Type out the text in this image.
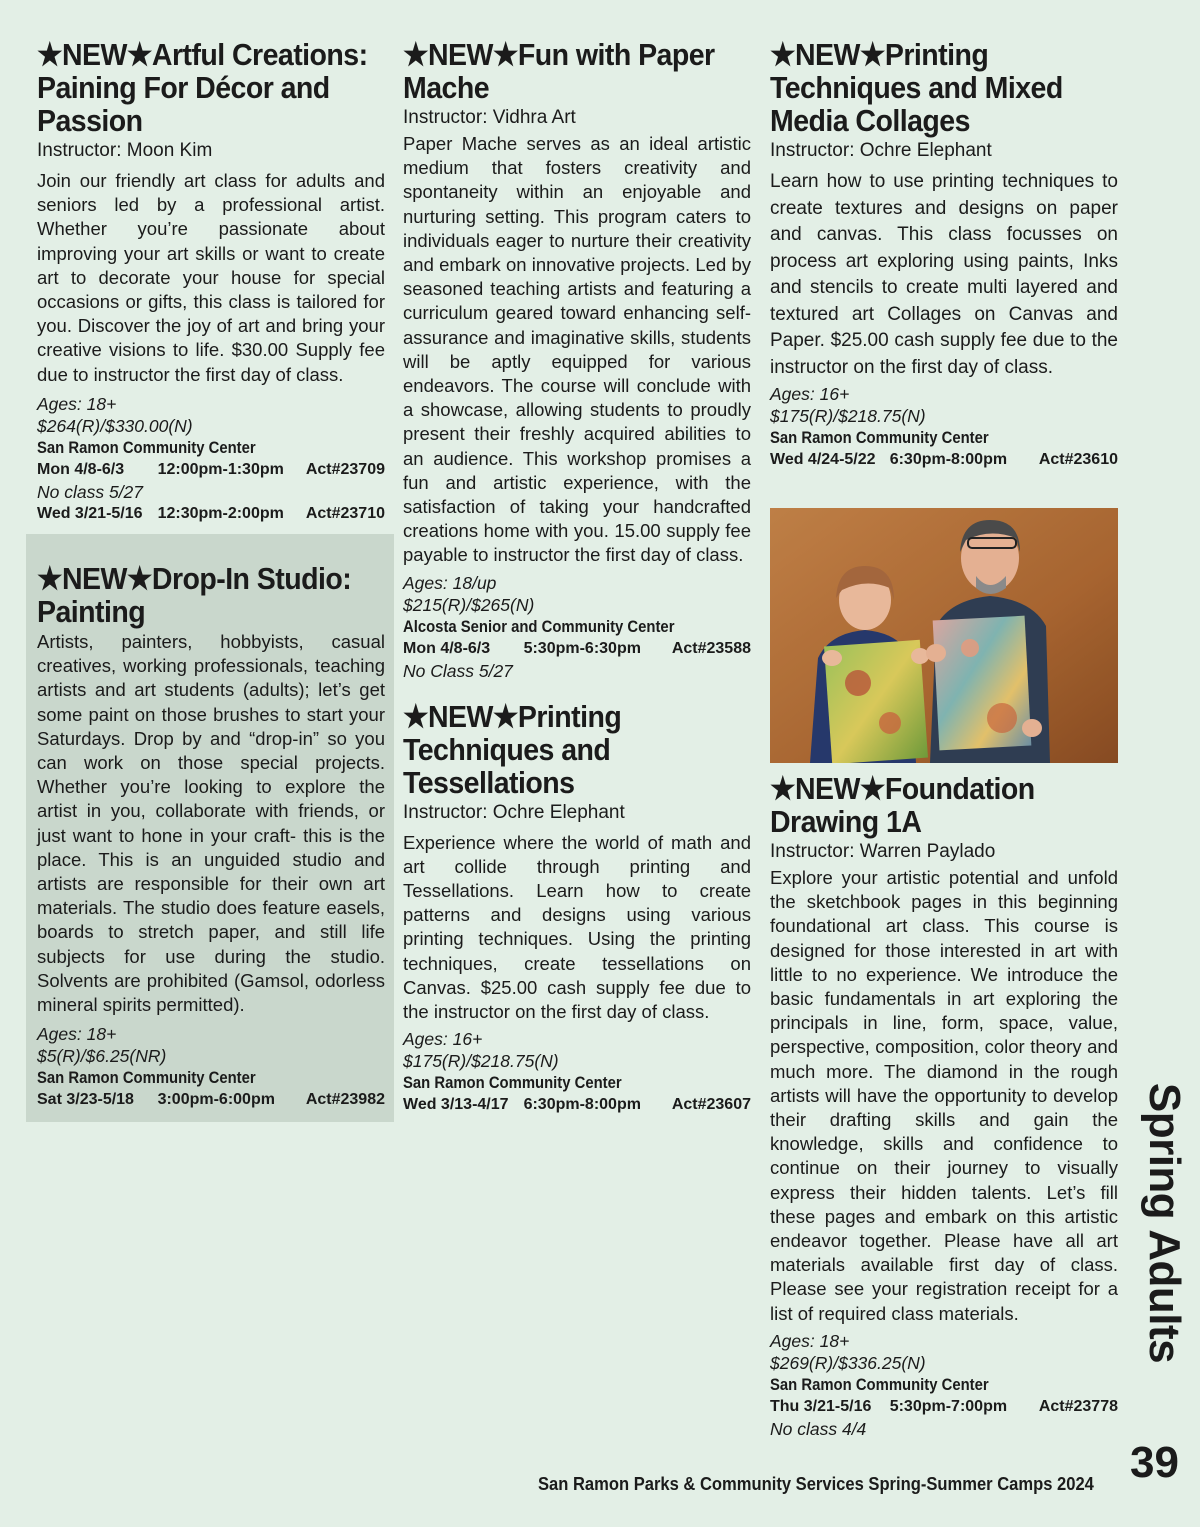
★NEW★Artful Creations: Paining For Décor and Passion
Instructor: Moon Kim

Join our friendly art class for adults and seniors led by a professional artist. Whether you’re passionate about improving your art skills or want to create art to decorate your house for special occasions or gifts, this class is tailored for you. Discover the joy of art and bring your creative visions to life. $30.00 Supply fee due to instructor the first day of class.

Ages: 18+
$264(R)/$330.00(N)
San Ramon Community Center
Mon 4/8-6/3	12:00pm-1:30pm	Act#23709
No class 5/27
Wed 3/21-5/16 12:30pm-2:00pm	Act#23710
★NEW★Drop-In Studio: Painting

Artists, painters, hobbyists, casual creatives, working professionals, teaching artists and art students (adults); let’s get some paint on those brushes to start your Saturdays. Drop by and “drop-in” so you can work on those special projects. Whether you’re looking to explore the artist in you, collaborate with friends, or just want to hone in your craft- this is the place. This is an unguided studio and artists are responsible for their own art materials. The studio does feature easels, boards to stretch paper, and still life subjects for use during the studio. Solvents are prohibited (Gamsol, odorless mineral spirits permitted).

Ages: 18+
$5(R)/$6.25(NR)
San Ramon Community Center
Sat 3/23-5/18	3:00pm-6:00pm	Act#23982
★NEW★Fun with Paper Mache
Instructor: Vidhra Art

Paper Mache serves as an ideal artistic medium that fosters creativity and spontaneity within an enjoyable and nurturing setting. This program caters to individuals eager to nurture their creativity and embark on innovative projects. Led by seasoned teaching artists and featuring a curriculum geared toward enhancing self-assurance and imaginative skills, students will be aptly equipped for various endeavors. The course will conclude with a showcase, allowing students to proudly present their freshly acquired abilities to an audience. This workshop promises a fun and artistic experience, with the satisfaction of taking your handcrafted creations home with you. 15.00 supply fee payable to instructor the first day of class.

Ages: 18/up
$215(R)/$265(N)
Alcosta Senior and Community Center
Mon 4/8-6/3	5:30pm-6:30pm	Act#23588
No Class 5/27
★NEW★Printing Techniques and Tessellations
Instructor: Ochre Elephant

Experience where the world of math and art collide through printing and Tessellations. Learn how to create patterns and designs using various printing techniques. Using the printing techniques, create tessellations on Canvas. $25.00 cash supply fee due to the instructor on the first day of class.

Ages: 16+
$175(R)/$218.75(N)
San Ramon Community Center
Wed 3/13-4/17 6:30pm-8:00pm	Act#23607
★NEW★Printing Techniques and Mixed Media Collages
Instructor: Ochre Elephant

Learn how to use printing techniques to create textures and designs on paper and canvas. This class focusses on process art exploring using paints, Inks and stencils to create multi layered and textured art Collages on Canvas and Paper. $25.00 cash supply fee due to the instructor on the first day of class.

Ages: 16+
$175(R)/$218.75(N)
San Ramon Community Center
Wed 4/24-5/22 6:30pm-8:00pm	Act#23610
★NEW★Foundation Drawing 1A
Instructor: Warren Paylado

Explore your artistic potential and unfold the sketchbook pages in this beginning foundational art class. This course is designed for those interested in art with little to no experience. We introduce the basic fundamentals in art exploring the principals in line, form, space, value, perspective, composition, color theory and much more. The diamond in the rough artists will have the opportunity to develop their drafting skills and gain the knowledge, skills and confidence to continue on their journey to visually express their hidden talents. Let’s fill these pages and embark on this artistic endeavor together. Please have all art materials available first day of class. Please see your registration receipt for a list of required class materials.

Ages: 18+
$269(R)/$336.25(N)
San Ramon Community Center
Thu 3/21-5/16	5:30pm-7:00pm	Act#23778
No class 4/4
Spring Adults
39
San Ramon Parks & Community Services Spring-Summer Camps 2024
